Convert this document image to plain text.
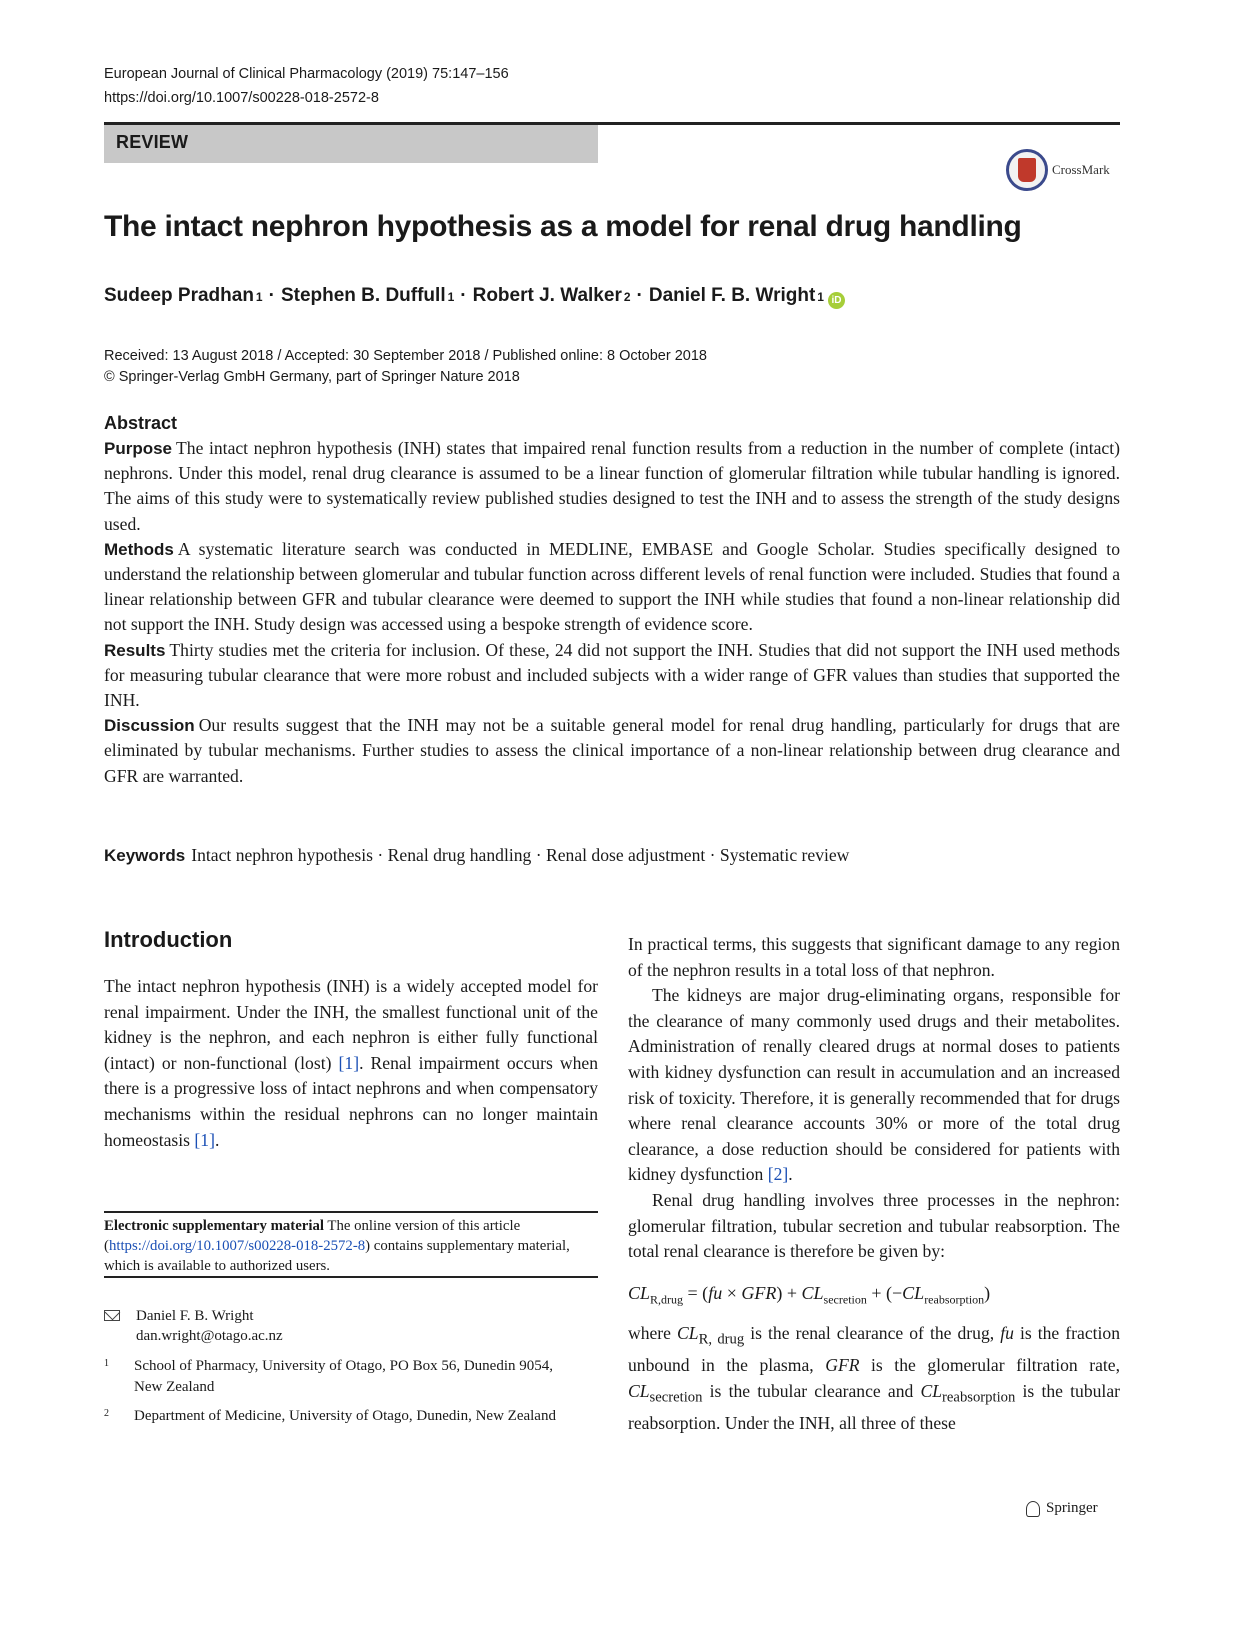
European Journal of Clinical Pharmacology (2019) 75:147–156
https://doi.org/10.1007/s00228-018-2572-8
REVIEW
CrossMark
The intact nephron hypothesis as a model for renal drug handling
Sudeep Pradhan 1 · Stephen B. Duffull 1 · Robert J. Walker 2 · Daniel F. B. Wright 1 iD
Received: 13 August 2018 / Accepted: 30 September 2018 / Published online: 8 October 2018
© Springer-Verlag GmbH Germany, part of Springer Nature 2018
Abstract
Purpose The intact nephron hypothesis (INH) states that impaired renal function results from a reduction in the number of complete (intact) nephrons. Under this model, renal drug clearance is assumed to be a linear function of glomerular filtration while tubular handling is ignored. The aims of this study were to systematically review published studies designed to test the INH and to assess the strength of the study designs used.
Methods A systematic literature search was conducted in MEDLINE, EMBASE and Google Scholar. Studies specifically designed to understand the relationship between glomerular and tubular function across different levels of renal function were included. Studies that found a linear relationship between GFR and tubular clearance were deemed to support the INH while studies that found a non-linear relationship did not support the INH. Study design was accessed using a bespoke strength of evidence score.
Results Thirty studies met the criteria for inclusion. Of these, 24 did not support the INH. Studies that did not support the INH used methods for measuring tubular clearance that were more robust and included subjects with a wider range of GFR values than studies that supported the INH.
Discussion Our results suggest that the INH may not be a suitable general model for renal drug handling, particularly for drugs that are eliminated by tubular mechanisms. Further studies to assess the clinical importance of a non-linear relationship between drug clearance and GFR are warranted.
Keywords Intact nephron hypothesis · Renal drug handling · Renal dose adjustment · Systematic review
Introduction

The intact nephron hypothesis (INH) is a widely accepted model for renal impairment. Under the INH, the smallest functional unit of the kidney is the nephron, and each nephron is either fully functional (intact) or non-functional (lost) [1]. Renal impairment occurs when there is a progressive loss of intact nephrons and when compensatory mechanisms within the residual nephrons can no longer maintain homeostasis [1].

Electronic supplementary material The online version of this article (https://doi.org/10.1007/s00228-018-2572-8) contains supplementary material, which is available to authorized users.
Daniel F. B. Wright
dan.wright@otago.ac.nz
1 School of Pharmacy, University of Otago, PO Box 56, Dunedin 9054, New Zealand
2 Department of Medicine, University of Otago, Dunedin, New Zealand

In practical terms, this suggests that significant damage to any region of the nephron results in a total loss of that nephron.

The kidneys are major drug-eliminating organs, responsible for the clearance of many commonly used drugs and their metabolites. Administration of renally cleared drugs at normal doses to patients with kidney dysfunction can result in accumulation and an increased risk of toxicity. Therefore, it is generally recommended that for drugs where renal clearance accounts 30% or more of the total drug clearance, a dose reduction should be considered for patients with kidney dysfunction [2].

Renal drug handling involves three processes in the nephron: glomerular filtration, tubular secretion and tubular reabsorption. The total renal clearance is therefore be given by:

$CL_{R,drug} = (fu \times GFR) + CL_{secretion} + (-CL_{reabsorption})$

where $CL_{R, drug}$ is the renal clearance of the drug, fu is the fraction unbound in the plasma, GFR is the glomerular filtration rate, $CL_{secretion}$ is the tubular clearance and $CL_{reabsorption}$ is the tubular reabsorption. Under the INH, all three of these

Springer
